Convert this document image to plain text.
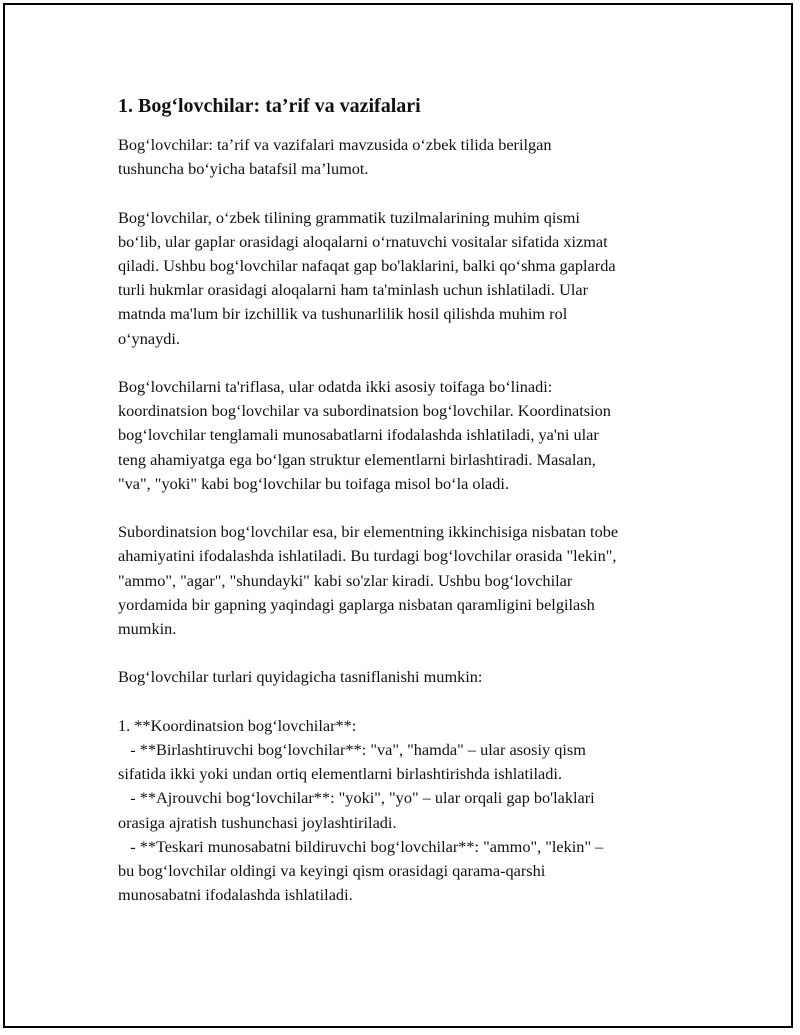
1. Bog‘lovchilar: ta’rif va vazifalari

Bog‘lovchilar: ta’rif va vazifalari mavzusida o‘zbek tilida berilgan
tushuncha bo‘yicha batafsil ma’lumot.

Bog‘lovchilar, o‘zbek tilining grammatik tuzilmalarining muhim qismi
bo‘lib, ular gaplar orasidagi aloqalarni o‘rnatuvchi vositalar sifatida xizmat
qiladi. Ushbu bog‘lovchilar nafaqat gap bo'laklarini, balki qo‘shma gaplarda
turli hukmlar orasidagi aloqalarni ham ta'minlash uchun ishlatiladi. Ular
matnda ma'lum bir izchillik va tushunarlilik hosil qilishda muhim rol
o‘ynaydi.

Bog‘lovchilarni ta'riflasa, ular odatda ikki asosiy toifaga bo‘linadi:
koordinatsion bog‘lovchilar va subordinatsion bog‘lovchilar. Koordinatsion
bog‘lovchilar tenglamali munosabatlarni ifodalashda ishlatiladi, ya'ni ular
teng ahamiyatga ega bo‘lgan struktur elementlarni birlashtiradi. Masalan,
"va", "yoki" kabi bog‘lovchilar bu toifaga misol bo‘la oladi.

Subordinatsion bog‘lovchilar esa, bir elementning ikkinchisiga nisbatan tobe
ahamiyatini ifodalashda ishlatiladi. Bu turdagi bog‘lovchilar orasida "lekin",
"ammo", "agar", "shundayki" kabi so'zlar kiradi. Ushbu bog‘lovchilar
yordamida bir gapning yaqindagi gaplarga nisbatan qaramligini belgilash
mumkin.

Bog‘lovchilar turlari quyidagicha tasniflanishi mumkin:

1. **Koordinatsion bog‘lovchilar**:
- **Birlashtiruvchi bog‘lovchilar**: "va", "hamda" – ular asosiy qism
sifatida ikki yoki undan ortiq elementlarni birlashtirishda ishlatiladi.
- **Ajrouvchi bog‘lovchilar**: "yoki", "yo" – ular orqali gap bo'laklari
orasiga ajratish tushunchasi joylashtiriladi.
- **Teskari munosabatni bildiruvchi bog‘lovchilar**: "ammo", "lekin" –
bu bog‘lovchilar oldingi va keyingi qism orasidagi qarama-qarshi
munosabatni ifodalashda ishlatiladi.
